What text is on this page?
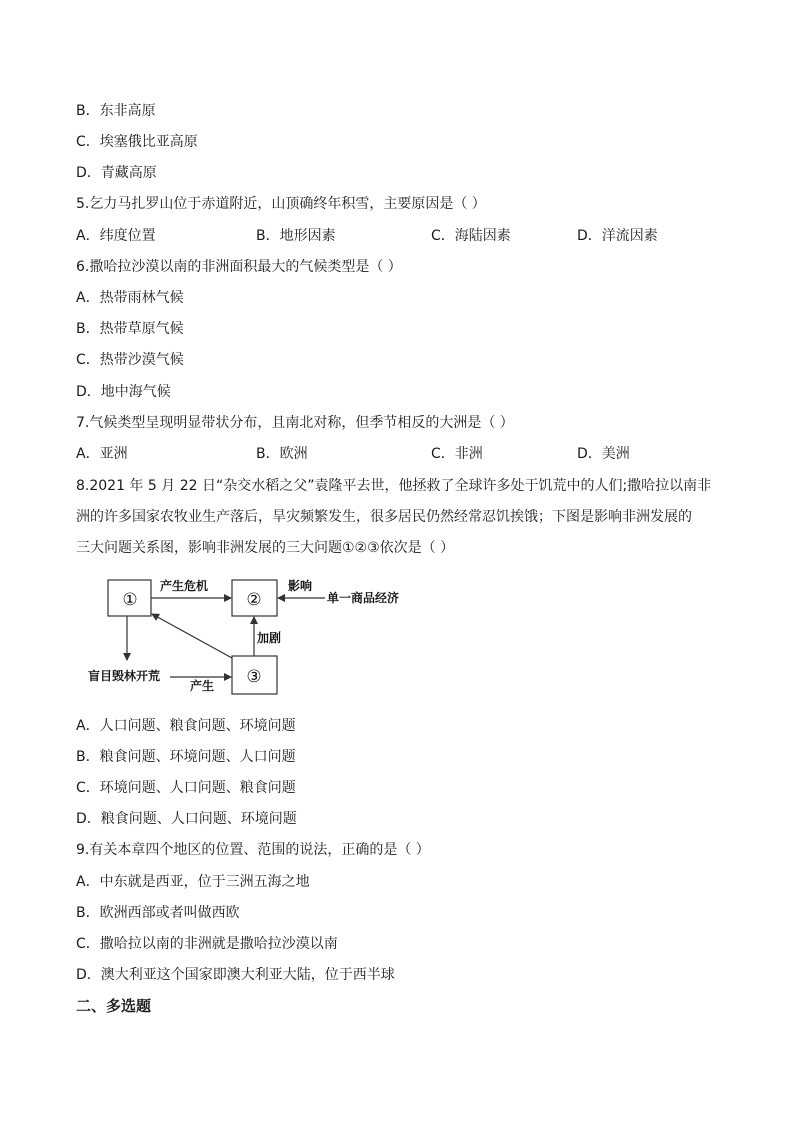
B．东非高原
C．埃塞俄比亚高原
D．青藏高原
5.乞力马扎罗山位于赤道附近，山顶确终年积雪，主要原因是（ ）
A．纬度位置	B．地形因素	C．海陆因素	D．洋流因素
6.撒哈拉沙漠以南的非洲面积最大的气候类型是（ ）
A．热带雨林气候
B．热带草原气候
C．热带沙漠气候
D．地中海气候
7.气候类型呈现明显带状分布，且南北对称，但季节相反的大洲是（ ）
A．亚洲	B．欧洲	C．非洲	D．美洲
8.2021 年 5 月 22 日“杂交水稻之父”袁隆平去世，他拯救了全球许多处于饥荒中的人们;撒哈拉以南非
洲的许多国家农牧业生产落后，旱灾频繁发生，很多居民仍然经常忍饥挨饿；下图是影响非洲发展的
三大问题关系图，影响非洲发展的三大问题①②③依次是（ ）
①	②
③
产生危机	影响
单一商品经济
加剧
盲目毁林开荒
产生
A．人口问题、粮食问题、环境问题
B．粮食问题、环境问题、人口问题
C．环境问题、人口问题、粮食问题
D．粮食问题、人口问题、环境问题
9.有关本章四个地区的位置、范围的说法，正确的是（ ）
A．中东就是西亚，位于三洲五海之地
B．欧洲西部或者叫做西欧
C．撒哈拉以南的非洲就是撒哈拉沙漠以南
D．澳大利亚这个国家即澳大利亚大陆，位于西半球
二、多选题
